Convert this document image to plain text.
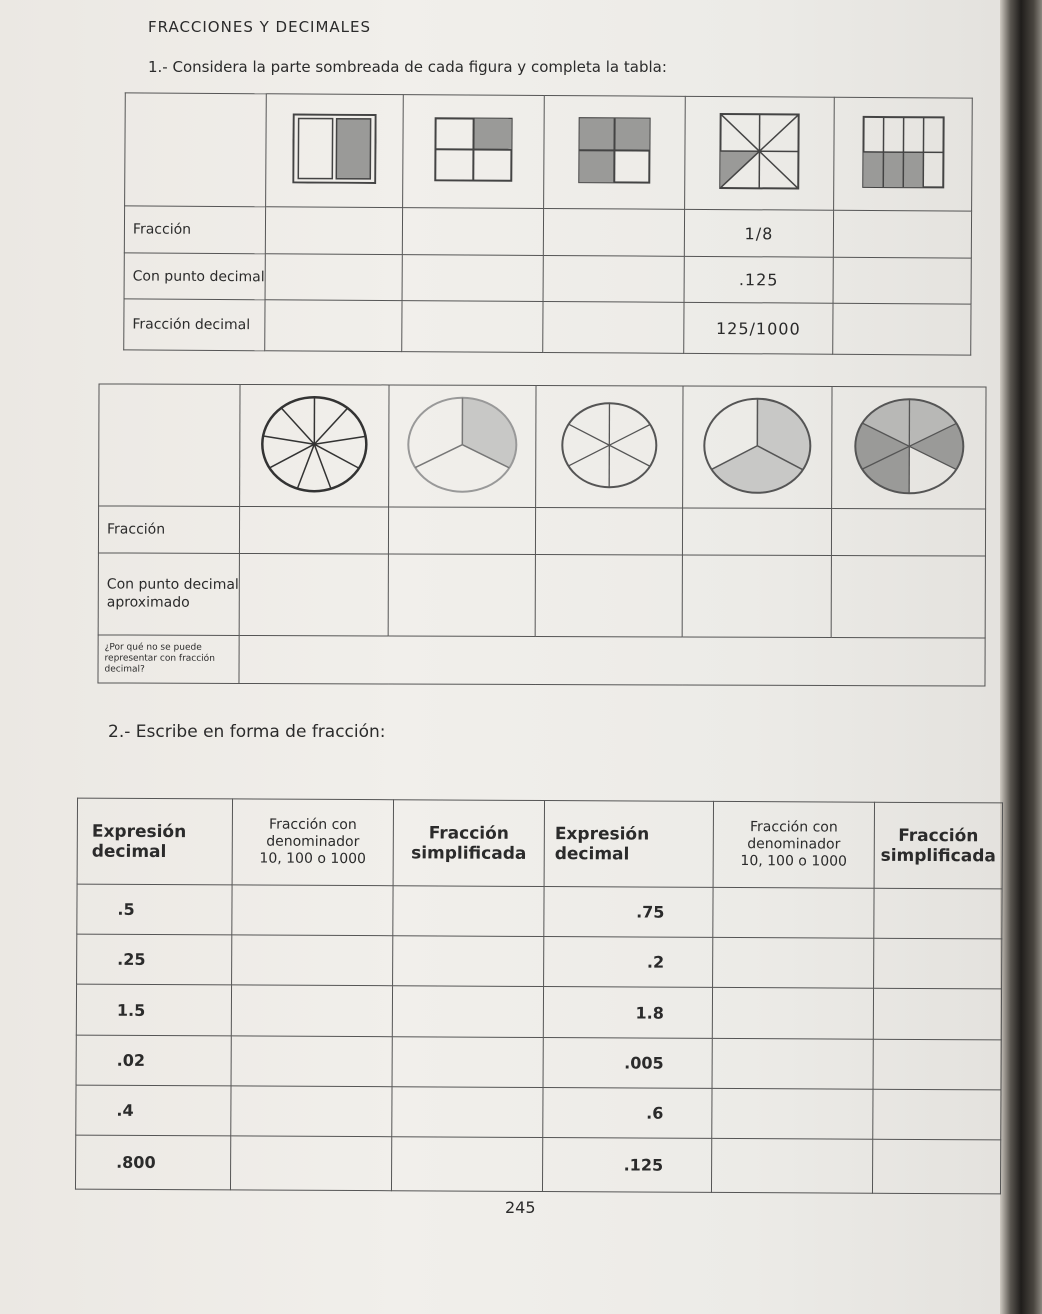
FRACCIONES Y DECIMALES
1.- Considera la parte sombreada de cada figura y completa la tabla:

Fracción				1/8	
Con punto decimal				.125	
Fracción decimal				125/1000	

Fracción					
Con punto decimal aproximado					
¿Por qué no se puede representar con fracción decimal?					
2.- Escribe en forma de fracción:
Expresión decimal	Fracción con denominador
10, 100 o 1000	Fracción simplificada	Expresión decimal	Fracción con denominador
10, 100 o 1000	Fracción simplificada
.5			.75		
.25			.2		
1.5			1.8		
.02			.005		
.4			.6		
.800			.125		
245
